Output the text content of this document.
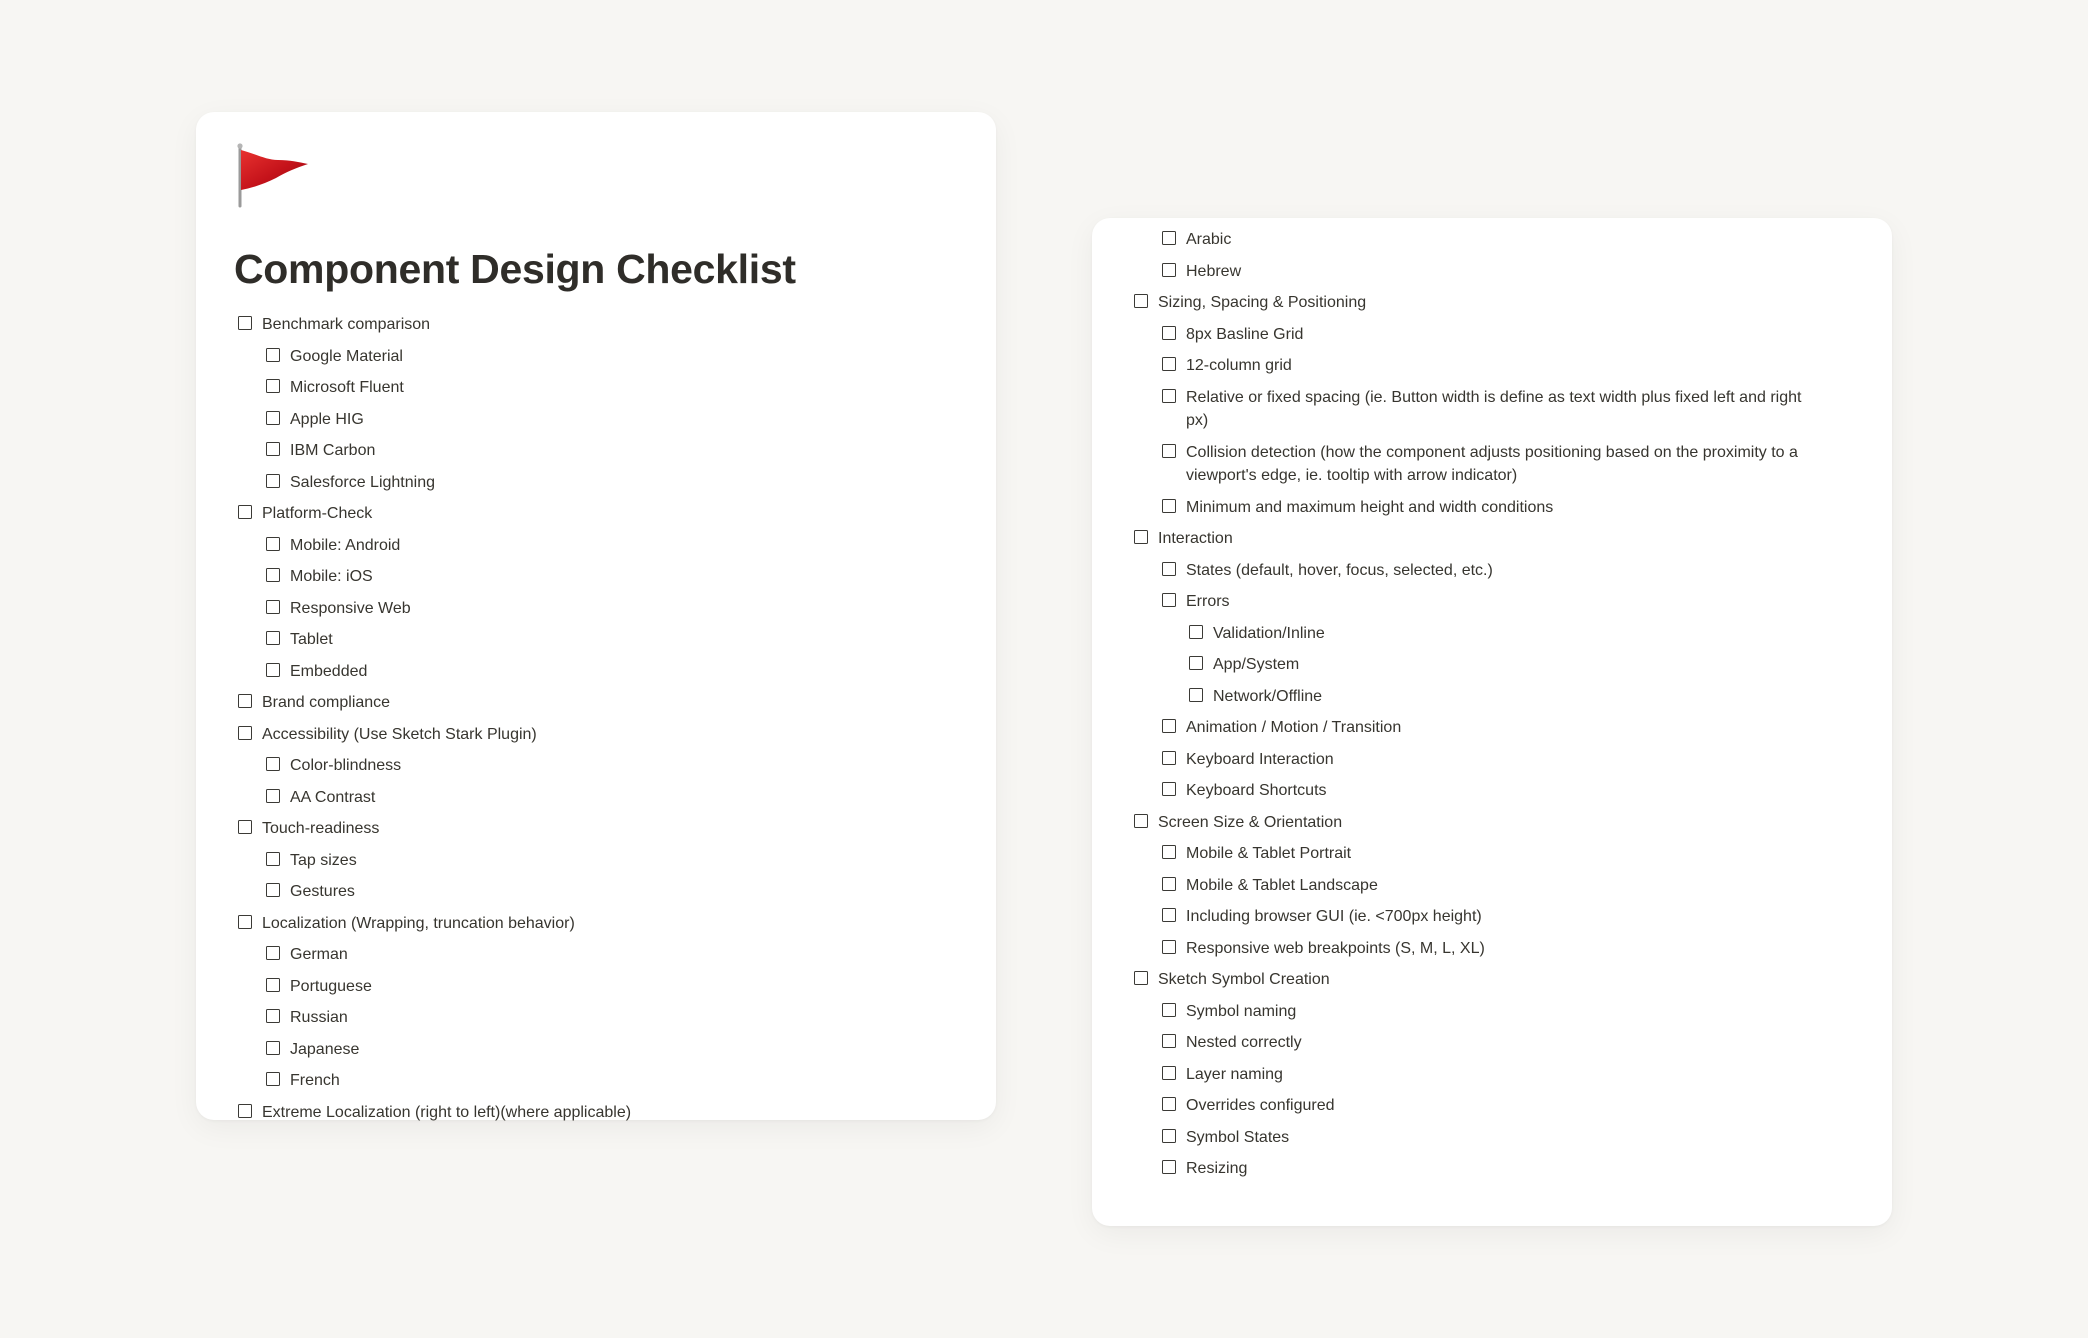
Component Design Checklist
Benchmark comparison
Google Material
Microsoft Fluent
Apple HIG
IBM Carbon
Salesforce Lightning
Platform-Check
Mobile: Android
Mobile: iOS
Responsive Web
Tablet
Embedded
Brand compliance
Accessibility (Use Sketch Stark Plugin)
Color-blindness
AA Contrast
Touch-readiness
Tap sizes
Gestures
Localization (Wrapping, truncation behavior)
German
Portuguese
Russian
Japanese
French
Extreme Localization (right to left)(where applicable)
Arabic
Hebrew
Sizing, Spacing & Positioning
8px Basline Grid
12-column grid
Relative or fixed spacing (ie. Button width is define as text width plus fixed left and right px)
Collision detection (how the component adjusts positioning based on the proximity to a viewport's edge, ie. tooltip with arrow indicator)
Minimum and maximum height and width conditions
Interaction
States (default, hover, focus, selected, etc.)
Errors
Validation/Inline
App/System
Network/Offline
Animation / Motion / Transition
Keyboard Interaction
Keyboard Shortcuts
Screen Size & Orientation
Mobile & Tablet Portrait
Mobile & Tablet Landscape
Including browser GUI (ie. <700px height)
Responsive web breakpoints (S, M, L, XL)
Sketch Symbol Creation
Symbol naming
Nested correctly
Layer naming
Overrides configured
Symbol States
Resizing
